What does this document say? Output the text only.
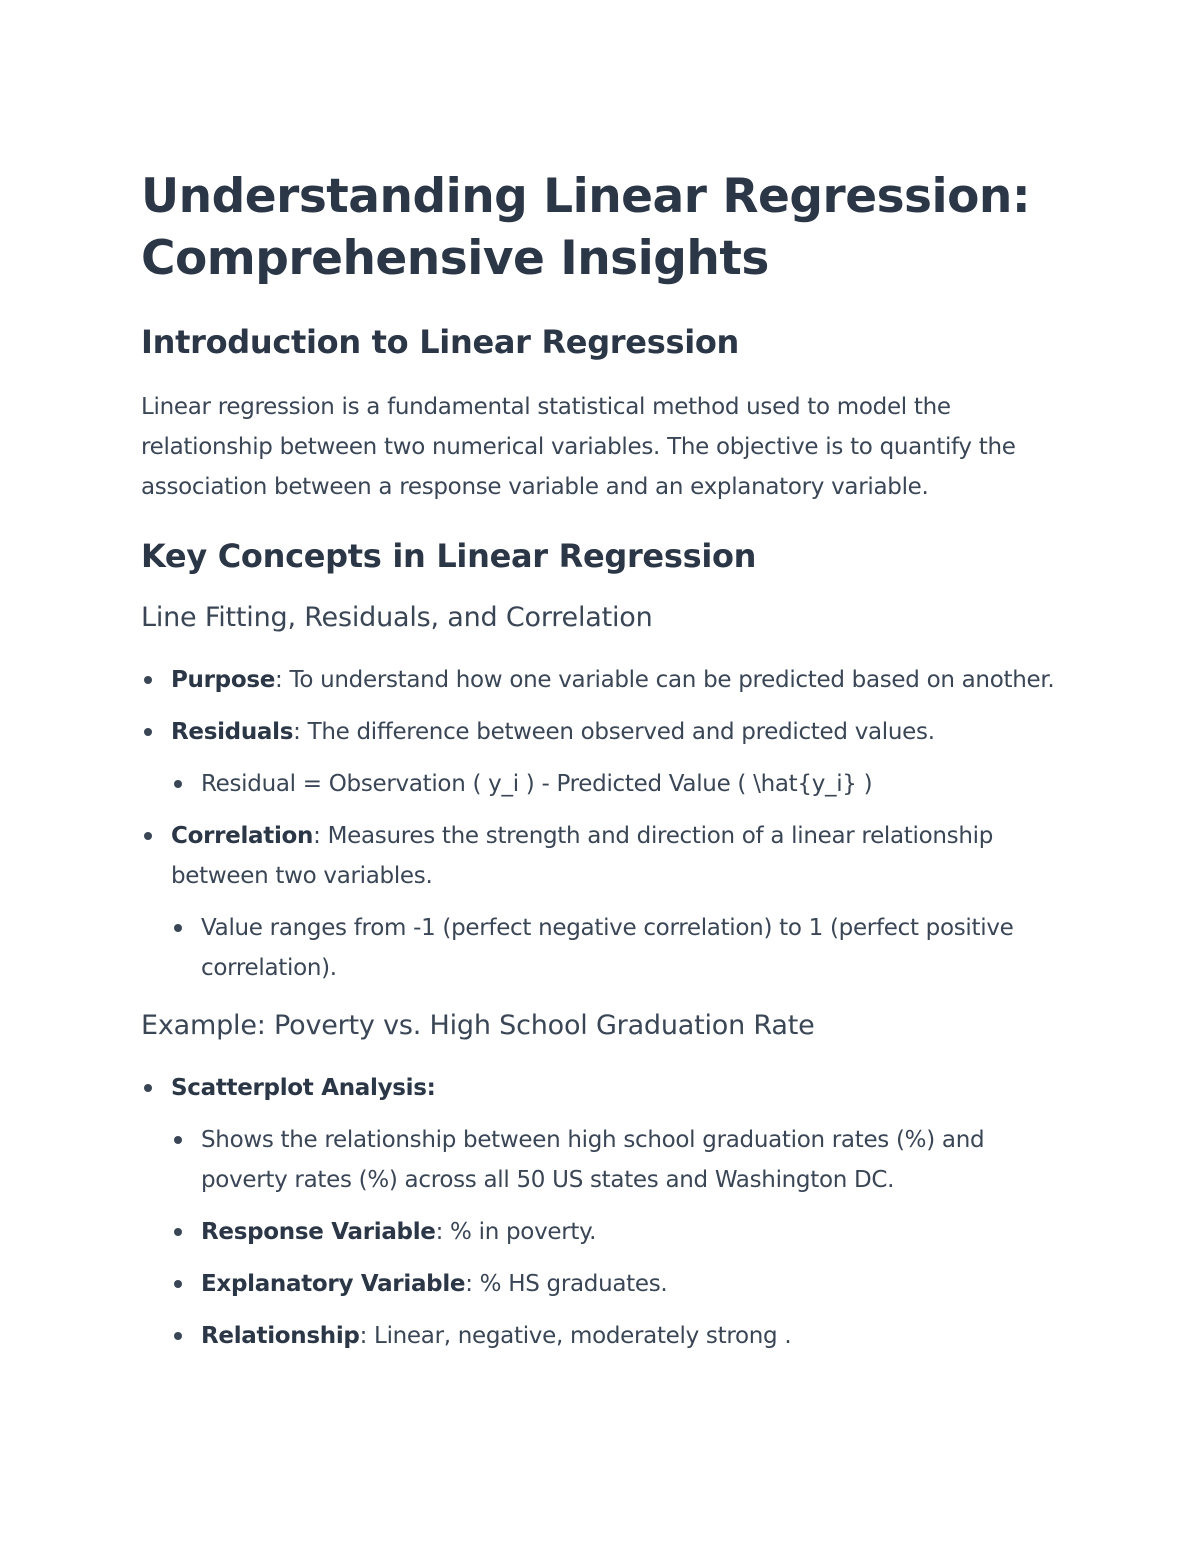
Understanding Linear Regression:
Comprehensive Insights
Introduction to Linear Regression

Linear regression is a fundamental statistical method used to model the relationship between two numerical variables. The objective is to quantify the association between a response variable and an explanatory variable.

Key Concepts in Linear Regression
Line Fitting, Residuals, and Correlation
Purpose: To understand how one variable can be predicted based on another.
Residuals: The difference between observed and predicted values.
Residual = Observation ( y_i ) - Predicted Value ( \hat{y_i} )
Correlation: Measures the strength and direction of a linear relationship between two variables.
Value ranges from -1 (perfect negative correlation) to 1 (perfect positive correlation).
Example: Poverty vs. High School Graduation Rate
Scatterplot Analysis:
Shows the relationship between high school graduation rates (%) and poverty rates (%) across all 50 US states and Washington DC.
Response Variable: % in poverty.
Explanatory Variable: % HS graduates.
Relationship: Linear, negative, moderately strong .
